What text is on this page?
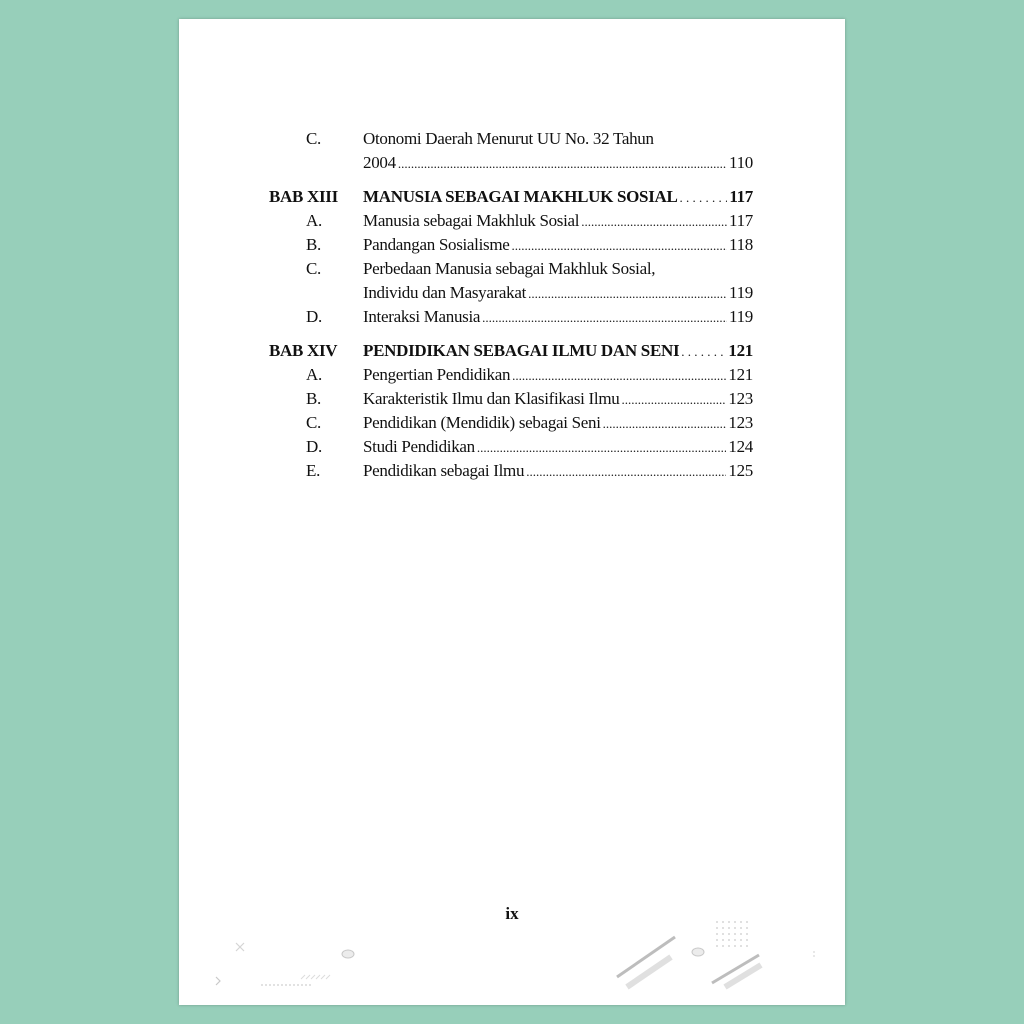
C.	Otonomi Daerah Menurut UU No. 32 Tahun
2004 .....	110
BAB XIII	MANUSIA SEBAGAI MAKHLUK SOSIAL . . .	117
A.	Manusia sebagai Makhluk Sosial .....	117
B.	Pandangan Sosialisme .....	118
C.	Perbedaan Manusia sebagai Makhluk Sosial,
Individu dan Masyarakat .....	119
D.	Interaksi Manusia .....	119
BAB XIV	PENDIDIKAN SEBAGAI ILMU DAN SENI . . .	121
A.	Pengertian Pendidikan .....	121
B.	Karakteristik Ilmu dan Klasifikasi Ilmu .....	123
C.	Pendidikan (Mendidik) sebagai Seni .....	123
D.	Studi Pendidikan .....	124
E.	Pendidikan sebagai Ilmu .....	125
ix
